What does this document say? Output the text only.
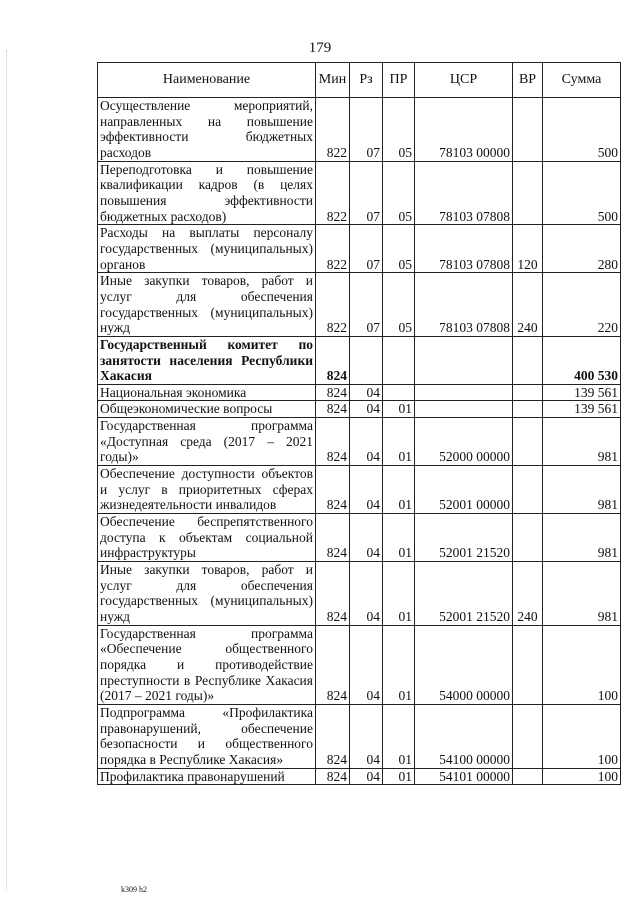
179
Наименование	Мин	Рз	ПР	ЦСР	ВР	Сумма
Осуществление мероприятий, направленных на повышение эффективности бюджетных расходов	822	07	05	78103 00000		500
Переподготовка и повышение квалификации кадров (в целях повышения эффективности бюджетных расходов)	822	07	05	78103 07808		500
Расходы на выплаты персоналу государственных (муниципальных) органов	822	07	05	78103 07808	120	280
Иные закупки товаров, работ и услуг для обеспечения государственных (муниципальных) нужд	822	07	05	78103 07808	240	220
Государственный комитет по занятости населения Республики Хакасия	824					400 530
Национальная экономика	824	04				139 561
Общеэкономические вопросы	824	04	01			139 561
Государственная программа «Доступная среда (2017 – 2021 годы)»	824	04	01	52000 00000		981
Обеспечение доступности объектов и услуг в приоритетных сферах жизнедеятельности инвалидов	824	04	01	52001 00000		981
Обеспечение беспрепятственного доступа к объектам социальной инфраструктуры	824	04	01	52001 21520		981
Иные закупки товаров, работ и услуг для обеспечения государственных (муниципальных) нужд	824	04	01	52001 21520	240	981
Государственная программа «Обеспечение общественного порядка и противодействие преступности в Республике Хакасия (2017 – 2021 годы)»	824	04	01	54000 00000		100
Подпрограмма «Профилактика правонарушений, обеспечение безопасности и общественного порядка в Республике Хакасия»	824	04	01	54100 00000		100
Профилактика правонарушений	824	04	01	54101 00000		100
k309 h2
